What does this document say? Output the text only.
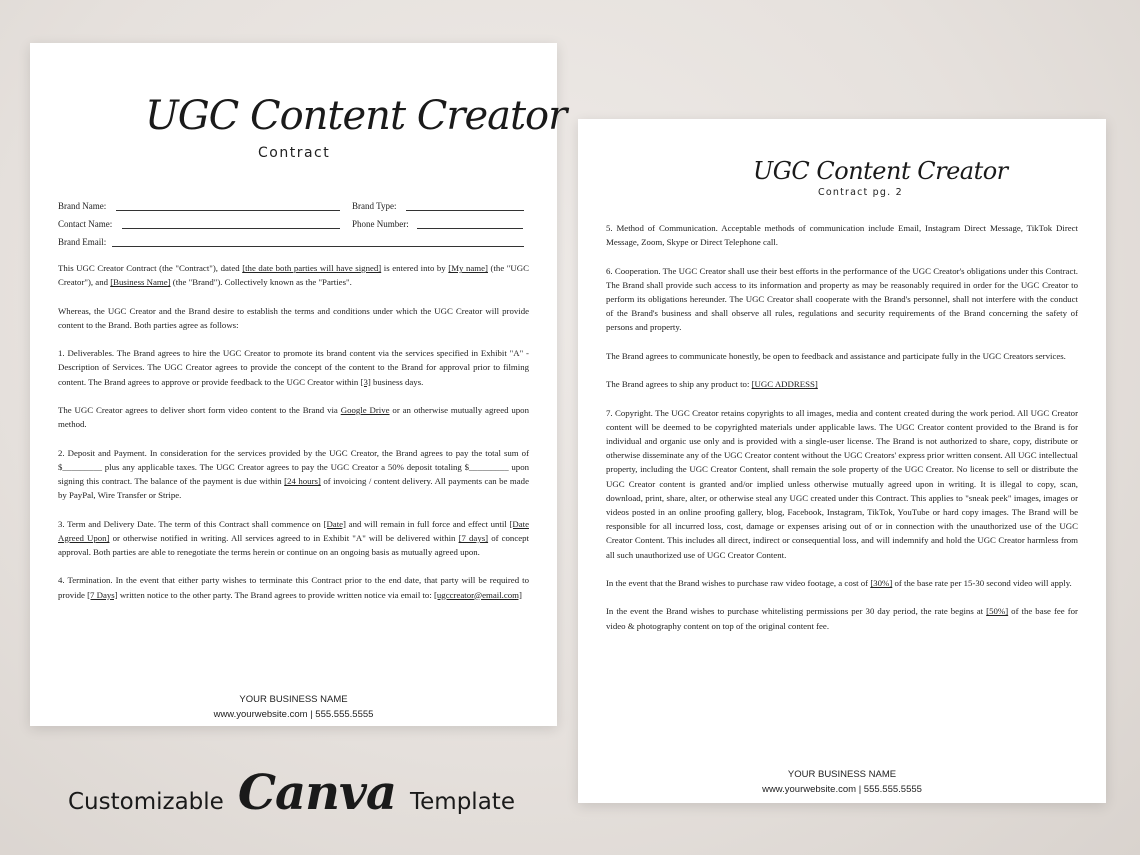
UGC Content Creator
Contract
Brand Name:	Brand Type:
Contact Name:	Phone Number:
Brand Email:

This UGC Creator Contract (the "Contract"), dated [the date both parties will have signed] is entered into by [My name] (the "UGC Creator"), and [Business Name] (the "Brand"). Collectively known as the "Parties".

Whereas, the UGC Creator and the Brand desire to establish the terms and conditions under which the UGC Creator will provide content to the Brand. Both parties agree as follows:

1. Deliverables. The Brand agrees to hire the UGC Creator to promote its brand content via the services specified in Exhibit "A" - Description of Services. The UGC Creator agrees to provide the concept of the content to the Brand for approval prior to filming content. The Brand agrees to approve or provide feedback to the UGC Creator within [3] business days.

The UGC Creator agrees to deliver short form video content to the Brand via Google Drive or an otherwise mutually agreed upon method.

2. Deposit and Payment. In consideration for the services provided by the UGC Creator, the Brand agrees to pay the total sum of $_________ plus any applicable taxes. The UGC Creator agrees to pay the UGC Creator a 50% deposit totaling $_________ upon signing this contract. The balance of the payment is due within [24 hours] of invoicing / content delivery. All payments can be made by PayPal, Wire Transfer or Stripe.

3. Term and Delivery Date. The term of this Contract shall commence on [Date] and will remain in full force and effect until [Date Agreed Upon] or otherwise notified in writing. All services agreed to in Exhibit "A" will be delivered within [7 days] of concept approval. Both parties are able to renegotiate the terms herein or continue on an ongoing basis as mutually agreed upon.

4. Termination. In the event that either party wishes to terminate this Contract prior to the end date, that party will be required to provide [7 Days] written notice to the other party. The Brand agrees to provide written notice via email to: [ugccreator@email.com]

YOUR BUSINESS NAME
www.yourwebsite.com | 555.555.5555
UGC Content Creator
Contract pg. 2

5. Method of Communication. Acceptable methods of communication include Email, Instagram Direct Message, TikTok Direct Message, Zoom, Skype or Direct Telephone call.

6. Cooperation. The UGC Creator shall use their best efforts in the performance of the UGC Creator's obligations under this Contract. The Brand shall provide such access to its information and property as may be reasonably required in order for the UGC Creator to perform its obligations hereunder. The UGC Creator shall cooperate with the Brand's personnel, shall not interfere with the conduct of the Brand's business and shall observe all rules, regulations and security requirements of the Brand concerning the safety of persons and property.

The Brand agrees to communicate honestly, be open to feedback and assistance and participate fully in the UGC Creators services.

The Brand agrees to ship any product to: [UGC ADDRESS]

7. Copyright. The UGC Creator retains copyrights to all images, media and content created during the work period. All UGC Creator content will be deemed to be copyrighted materials under applicable laws. The UGC Creator content provided to the Brand is for individual and organic use only and is provided with a single-user license. The Brand is not authorized to share, copy, distribute or otherwise disseminate any of the UGC Creator content without the UGC Creators' express prior written consent. All UGC intellectual property, including the UGC Creator Content, shall remain the sole property of the UGC Creator. No license to sell or distribute the UGC Creator content is granted and/or implied unless otherwise mutually agreed upon in writing. It is illegal to copy, scan, download, print, share, alter, or otherwise steal any UGC created under this Contract. This applies to "sneak peek" images, images or videos posted in an online proofing gallery, blog, Facebook, Instagram, TikTok, YouTube or hard copy images. The Brand will be responsible for all incurred loss, cost, damage or expenses arising out of or in connection with the unauthorized use of the UGC Creator Content. This includes all direct, indirect or consequential loss, and will indemnify and hold the UGC Creator harmless from all such unauthorized use of UGC Creator Content.

In the event that the Brand wishes to purchase raw video footage, a cost of [30%] of the base rate per 15-30 second video will apply.

In the event the Brand wishes to purchase whitelisting permissions per 30 day period, the rate begins at [50%] of the base fee for video & photography content on top of the original content fee.

YOUR BUSINESS NAME
www.yourwebsite.com | 555.555.5555
Customizable Canva Template
